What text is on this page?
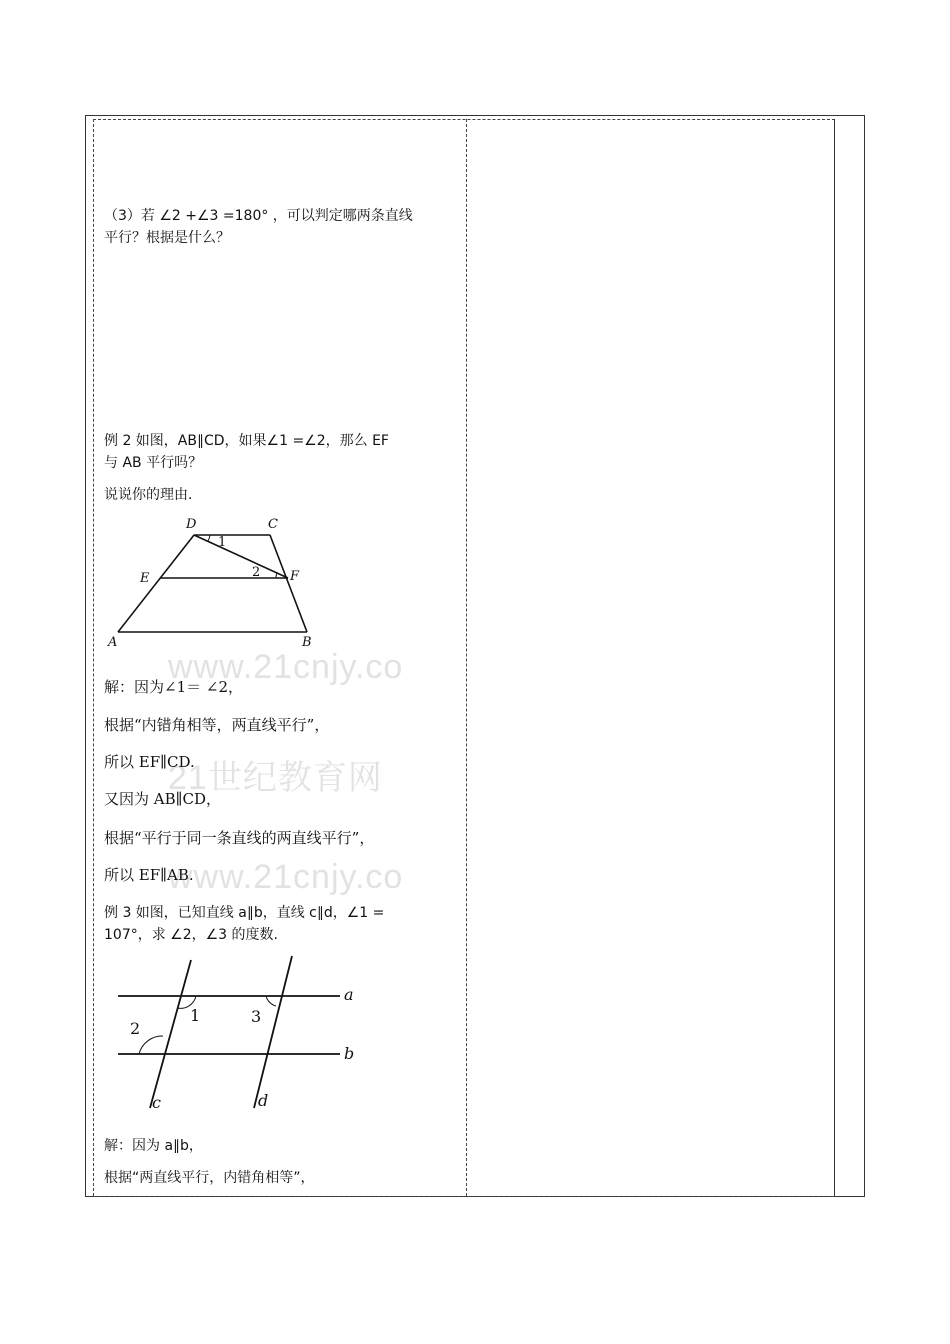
（3）若 ∠2 +∠3 =180° ，可以判定哪两条直线
平行？根据是什么？
例 2 如图，AB∥CD，如果∠1 =∠2，那么 EF
与 AB 平行吗？
说说你的理由.
D	C
E	F
A	B
1
2
www.21cnjy.co
解：因为∠1＝ ∠2，
根据“内错角相等，两直线平行”，
21世纪教育网
所以 EF∥CD.
又因为 AB∥CD，
根据“平行于同一条直线的两直线平行”，
www.21cnjy.co
所以 EF∥AB.
例 3 如图，已知直线 a∥b，直线 c∥d，∠1 =
107°，求 ∠2，∠3 的度数.
a
b
c	d
1
2
3
解：因为 a∥b，
根据“两直线平行，内错角相等”，
